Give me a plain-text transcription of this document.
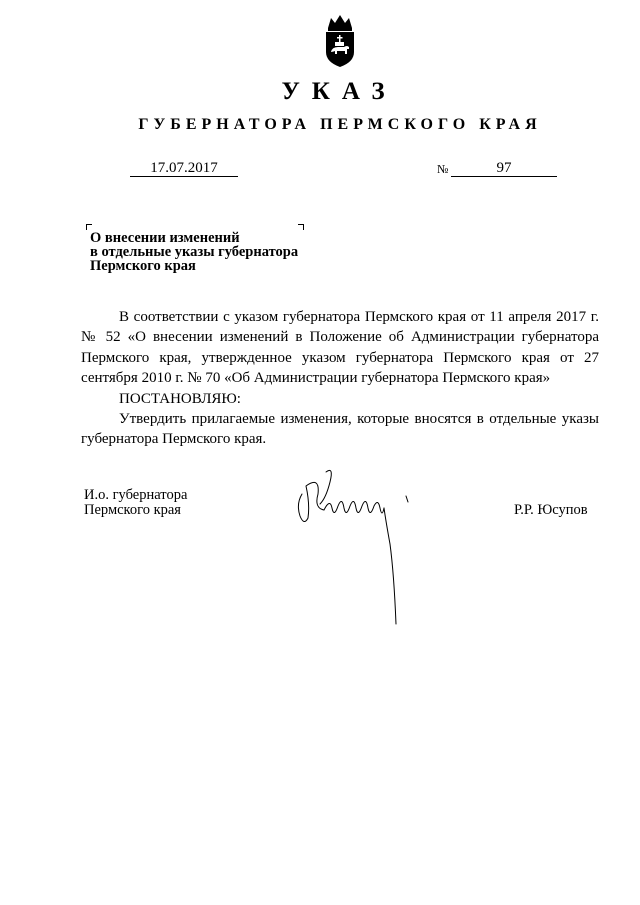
УКАЗ
ГУБЕРНАТОРА ПЕРМСКОГО КРАЯ
17.07.2017	№	97
О внесении изменений
в отдельные указы губернатора
Пермского края

В соответствии с указом губернатора Пермского края от 11 апреля 2017 г. № 52 «О внесении изменений в Положение об Администрации губернатора Пермского края, утвержденное указом губернатора Пермского края от 27 сентября 2010 г. № 70 «Об Администрации губернатора Пермского края»

ПОСТАНОВЛЯЮ:

Утвердить прилагаемые изменения, которые вносятся в отдельные указы губернатора Пермского края.

И.о. губернатора
Пермского края	Р.Р. Юсупов
